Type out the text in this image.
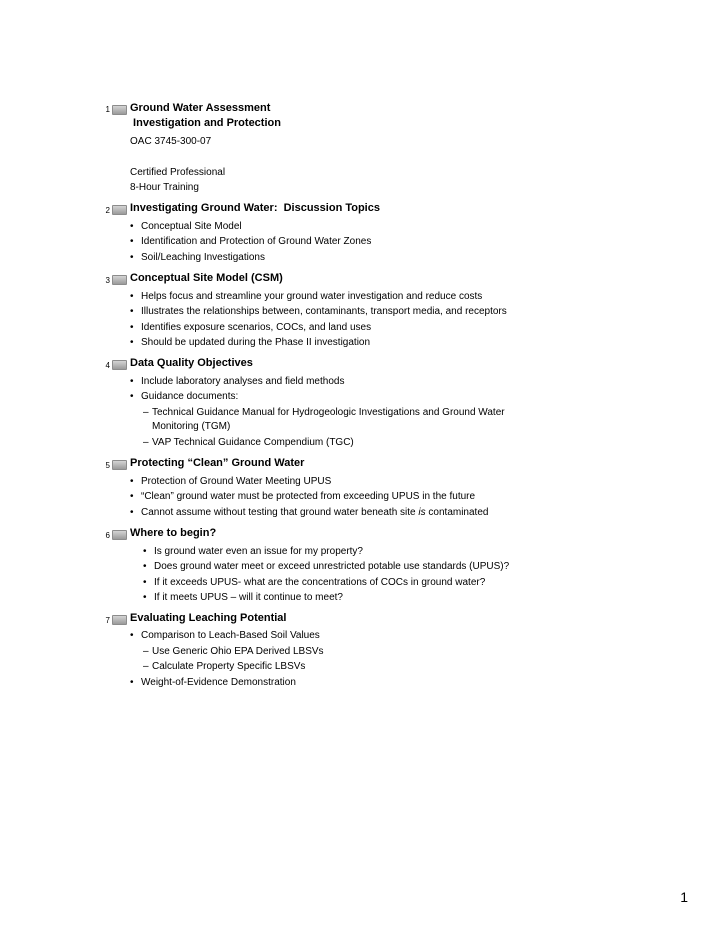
1 Ground Water Assessment
Investigation and Protection
OAC 3745-300-07
Certified Professional
8-Hour Training
2 Investigating Ground Water:  Discussion Topics
• Conceptual Site Model
• Identification and Protection of Ground Water Zones
• Soil/Leaching Investigations
3 Conceptual Site Model (CSM)
• Helps focus and streamline your ground water investigation and reduce costs
• Illustrates the relationships between, contaminants, transport media, and receptors
• Identifies exposure scenarios, COCs, and land uses
• Should be updated during the Phase II investigation
4 Data Quality Objectives
• Include laboratory analyses and field methods
• Guidance documents:
– Technical Guidance Manual for Hydrogeologic Investigations and Ground Water
Monitoring (TGM)
– VAP Technical Guidance Compendium (TGC)
5 Protecting “Clean” Ground Water
• Protection of Ground Water Meeting UPUS
• “Clean” ground water must be protected from exceeding UPUS in the future
• Cannot assume without testing that ground water beneath site is contaminated
6 Where to begin?
• Is ground water even an issue for my property?
• Does ground water meet or exceed unrestricted potable use standards (UPUS)?
• If it exceeds UPUS- what are the concentrations of COCs in ground water?
• If it meets UPUS – will it continue to meet?
7 Evaluating Leaching Potential
• Comparison to Leach-Based Soil Values
– Use Generic Ohio EPA Derived LBSVs
– Calculate Property Specific LBSVs
• Weight-of-Evidence Demonstration
1
